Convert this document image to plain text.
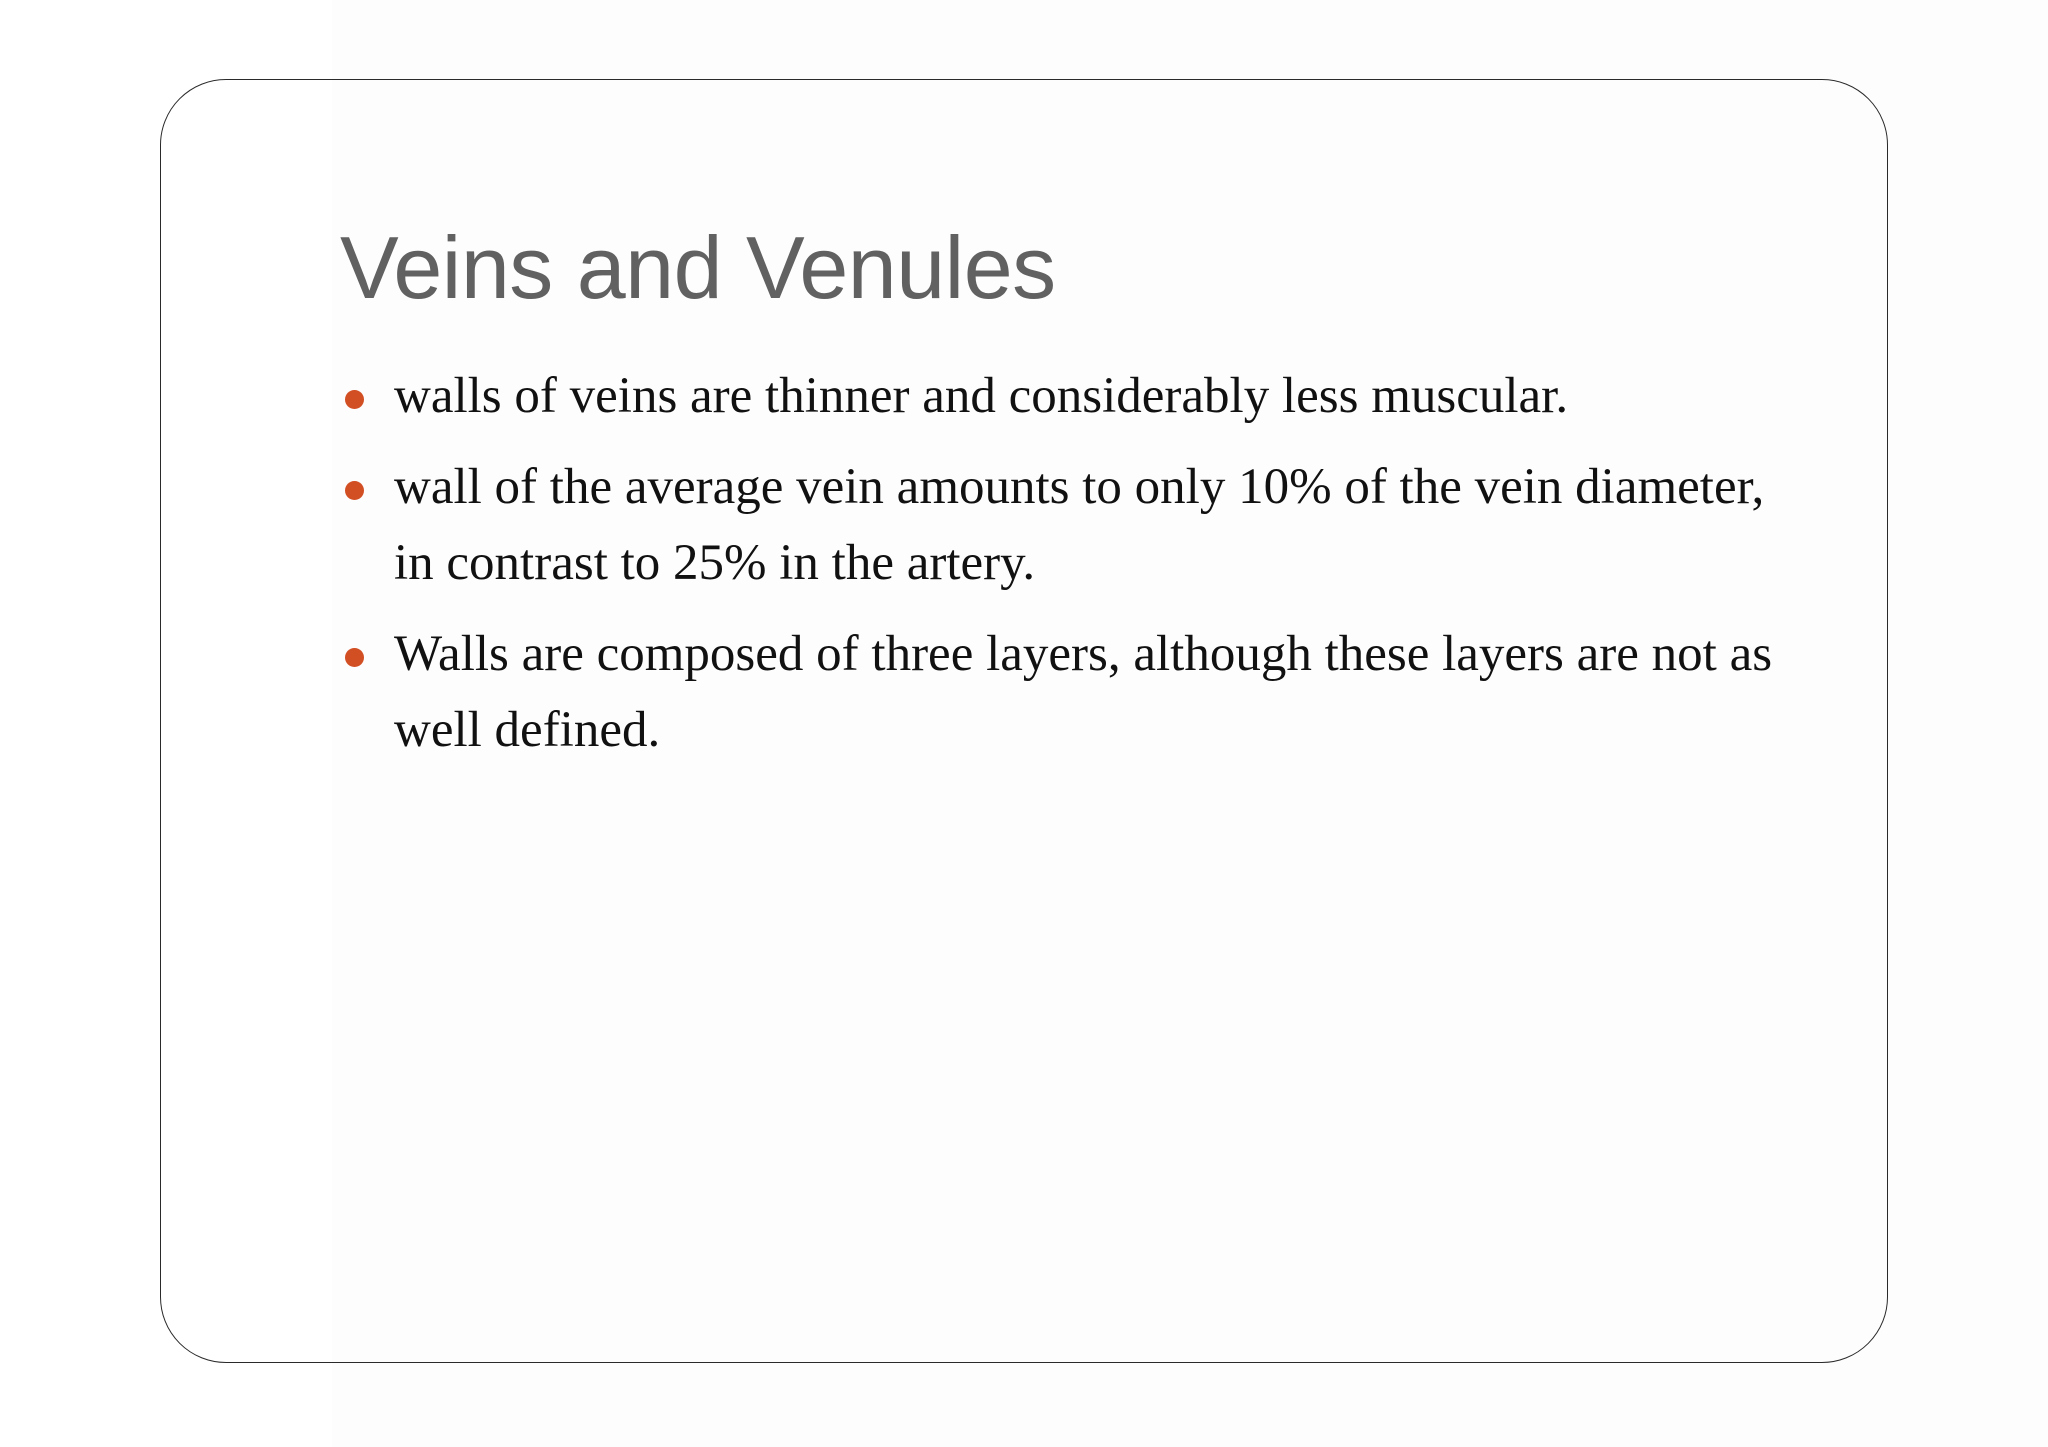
Veins and Venules
walls of veins are thinner and considerably less muscular.
wall of the average vein amounts to only 10% of the vein diameter, in contrast to 25% in the artery.
Walls are composed of three layers, although these layers are not as well defined.
